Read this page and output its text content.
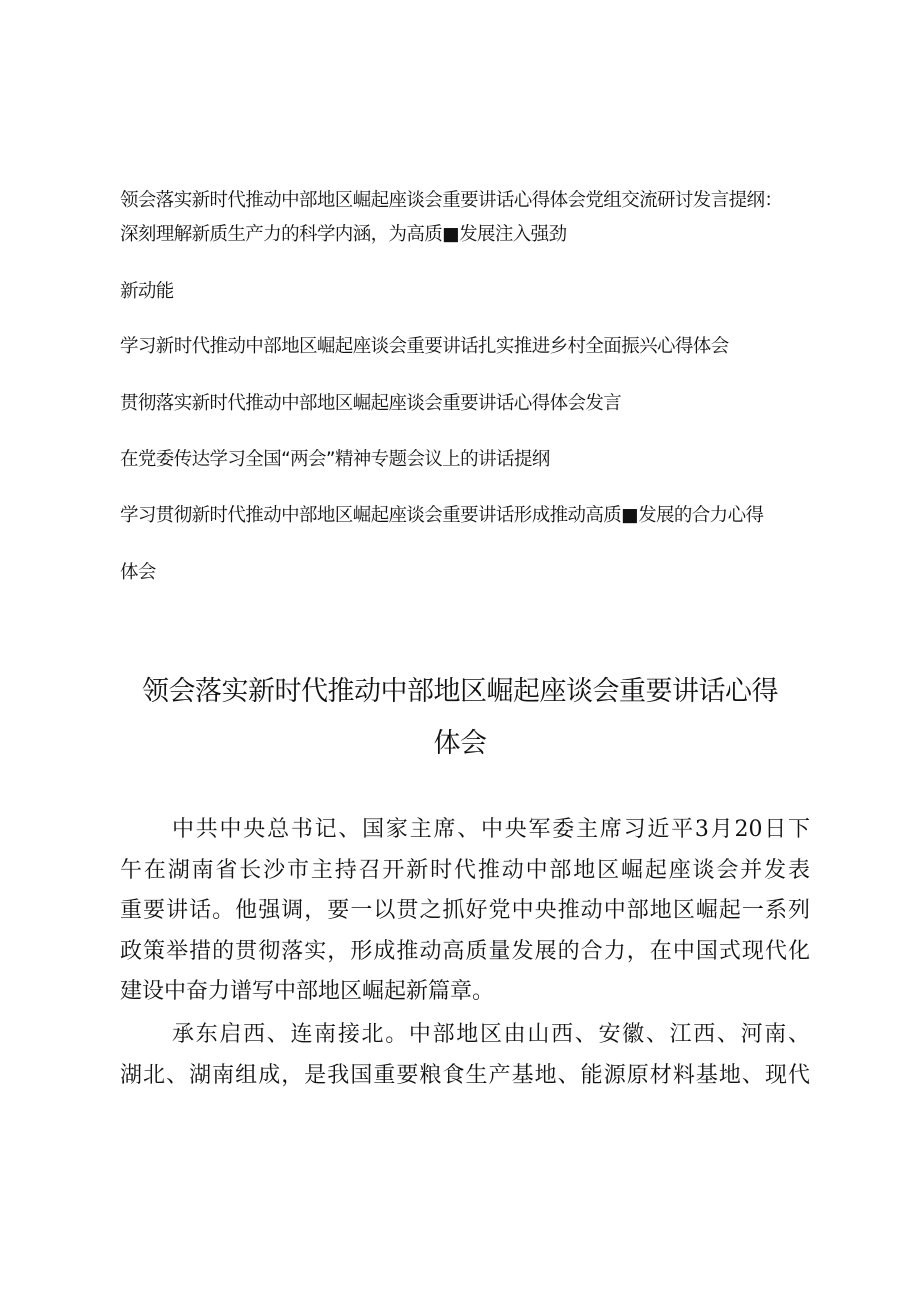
领会落实新时代推动中部地区崛起座谈会重要讲话心得体会党组交流研讨发言提纲：
深刻理解新质生产力的科学内涵，为高质■发展注入强劲
新动能
学习新时代推动中部地区崛起座谈会重要讲话扎实推进乡村全面振兴心得体会
贯彻落实新时代推动中部地区崛起座谈会重要讲话心得体会发言
在党委传达学习全国“两会”精神专题会议上的讲话提纲
学习贯彻新时代推动中部地区崛起座谈会重要讲话形成推动高质■发展的合力心得
体会
领会落实新时代推动中部地区崛起座谈会重要讲话心得
体会
中共中央总书记、国家主席、中央军委主席习近平3月20日下
午在湖南省长沙市主持召开新时代推动中部地区崛起座谈会并发表
重要讲话。他强调，要一以贯之抓好党中央推动中部地区崛起一系列
政策举措的贯彻落实，形成推动高质量发展的合力，在中国式现代化
建设中奋力谱写中部地区崛起新篇章。
承东启西、连南接北。中部地区由山西、安徽、江西、河南、
湖北、湖南组成，是我国重要粮食生产基地、能源原材料基地、现代
